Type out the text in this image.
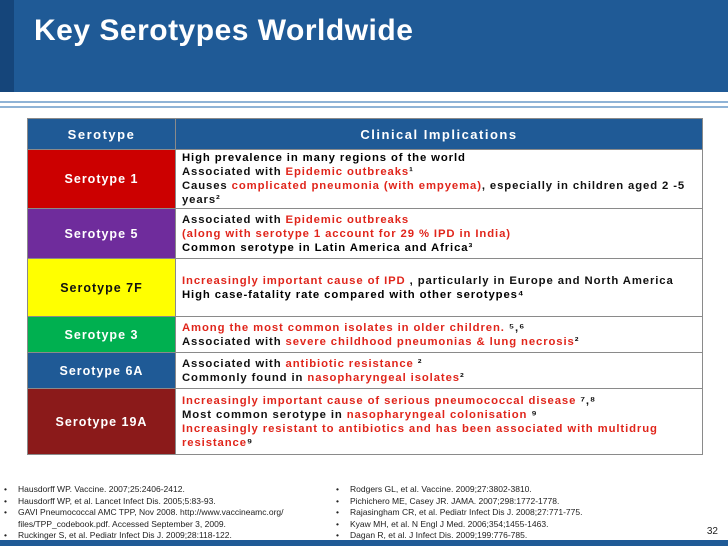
Key Serotypes Worldwide
Serotype	Clinical Implications
Serotype 1	High prevalence in many regions of the world
Associated with Epidemic outbreaks¹
Causes complicated pneumonia (with empyema), especially in children aged 2 -5 years²

Serotype 5	Associated with Epidemic outbreaks
(along with serotype 1 account for 29 % IPD in India)
Common serotype in Latin America and Africa³

Serotype 7F	Increasingly important cause of IPD , particularly in Europe and North America
High case-fatality rate compared with other serotypes⁴

Serotype 3	Among the most common isolates in older children. ⁵,⁶
Associated with severe childhood pneumonias & lung necrosis²

Serotype 6A	Associated with antibiotic resistance ²
Commonly found in nasopharyngeal isolates²

Serotype 19A	Increasingly important cause of serious pneumococcal disease ⁷,⁸
Most common serotype in nasopharyngeal colonisation ⁹
Increasingly resistant to antibiotics and has been associated with multidrug resistance⁹
• Hausdorff WP. Vaccine. 2007;25:2406-2412.
• Hausdorff WP, et al. Lancet Infect Dis. 2005;5:83-93.
• GAVI Pneumococcal AMC TPP, Nov 2008. http://www.vaccineamc.org/ files/TPP_codebook.pdf. Accessed September 3, 2009.
• Ruckinger S, et al. Pediatr Infect Dis J. 2009;28:118-122.
• Rodgers GL, et al. Vaccine. 2009;27:3802-3810.
• Pichichero ME, Casey JR. JAMA. 2007;298:1772-1778.
• Rajasingham CR, et al. Pediatr Infect Dis J. 2008;27:771-775.
• Kyaw MH, et al. N Engl J Med. 2006;354;1455-1463.
• Dagan R, et al. J Infect Dis. 2009;199:776-785.	32
